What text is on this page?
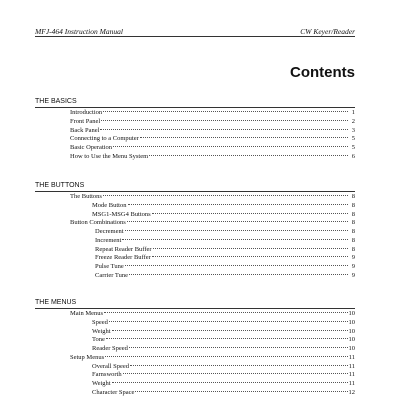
MFJ-464 Instruction Manual	CW Keyer/Reader
Contents
THE BASICS
Introduction	1
Front Panel	2
Back Panel	3
Connecting to a Computer	5
Basic Operation	5
How to Use the Menu System	6
THE BUTTONS
The Buttons	8
Mode Button	8
MSG1-MSG4 Buttons	8
Button Combinations	8
Decrement	8
Increment	8
Repeat Reader Buffer	8
Freeze Reader Buffer	9
Pulse Tune	9
Carrier Tune	9
THE MENUS
Main Menus	10
Speed	10
Weight	10
Tone	10
Reader Speed	10
Setup Menus	11
Overall Speed	11
Farnsworth	11
Weight	11
Character Space	12
